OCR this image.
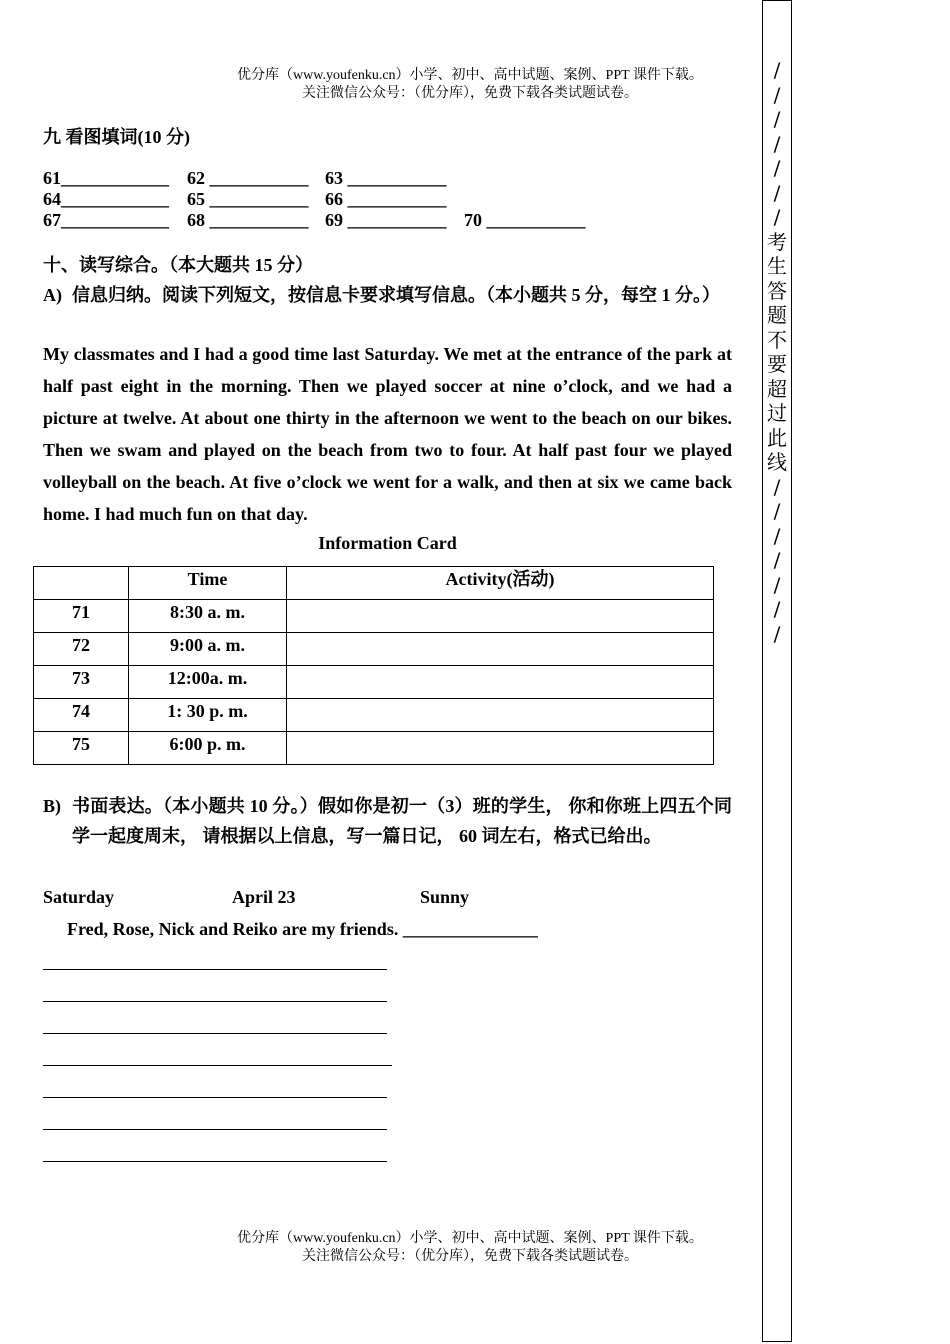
优分库（www.youfenku.cn）小学、初中、高中试题、案例、PPT 课件下载。
关注微信公众号：（优分库），免费下载各类试题试卷。
九 看图填词(10 分)
61____________ 62 ___________ 63 ___________
64____________ 65 ___________ 66 ___________
67____________ 68 ___________ 69 ___________ 70 ___________
十、读写综合。（本大题共 15 分）
A) 信息归纳。阅读下列短文，按信息卡要求填写信息。（本小题共 5 分，每空 1 分。）
My classmates and I had a good time last Saturday. We met at the entrance of the park at half past eight in the morning. Then we played soccer at nine o’clock, and we had a picture at twelve. At about one thirty in the afternoon we went to the beach on our bikes. Then we swam and played on the beach from two to four. At half past four we played volleyball on the beach. At five o’clock we went for a walk, and then at six we came back home. I had much fun on that day.
Information Card
	Time	Activity(活动)
71	8:30 a. m.	
72	9:00 a. m.	
73	12:00a. m.	
74	1: 30 p. m.	
75	6:00 p. m.	
B) 书面表达。（本小题共 10 分。）假如你是初一（3）班的学生， 你和你班上四五个同学一起度周末， 请根据以上信息，写一篇日记， 60 词左右，格式已给出。
Saturday	April 23	Sunny
Fred, Rose, Nick and Reiko are my friends. _______________
优分库（www.youfenku.cn）小学、初中、高中试题、案例、PPT 课件下载。
关注微信公众号：（优分库），免费下载各类试题试卷。
/
/
/
/
/
/
/
考
生
答
题
不
要
超
过
此
线
/
/
/
/
/
/
/
